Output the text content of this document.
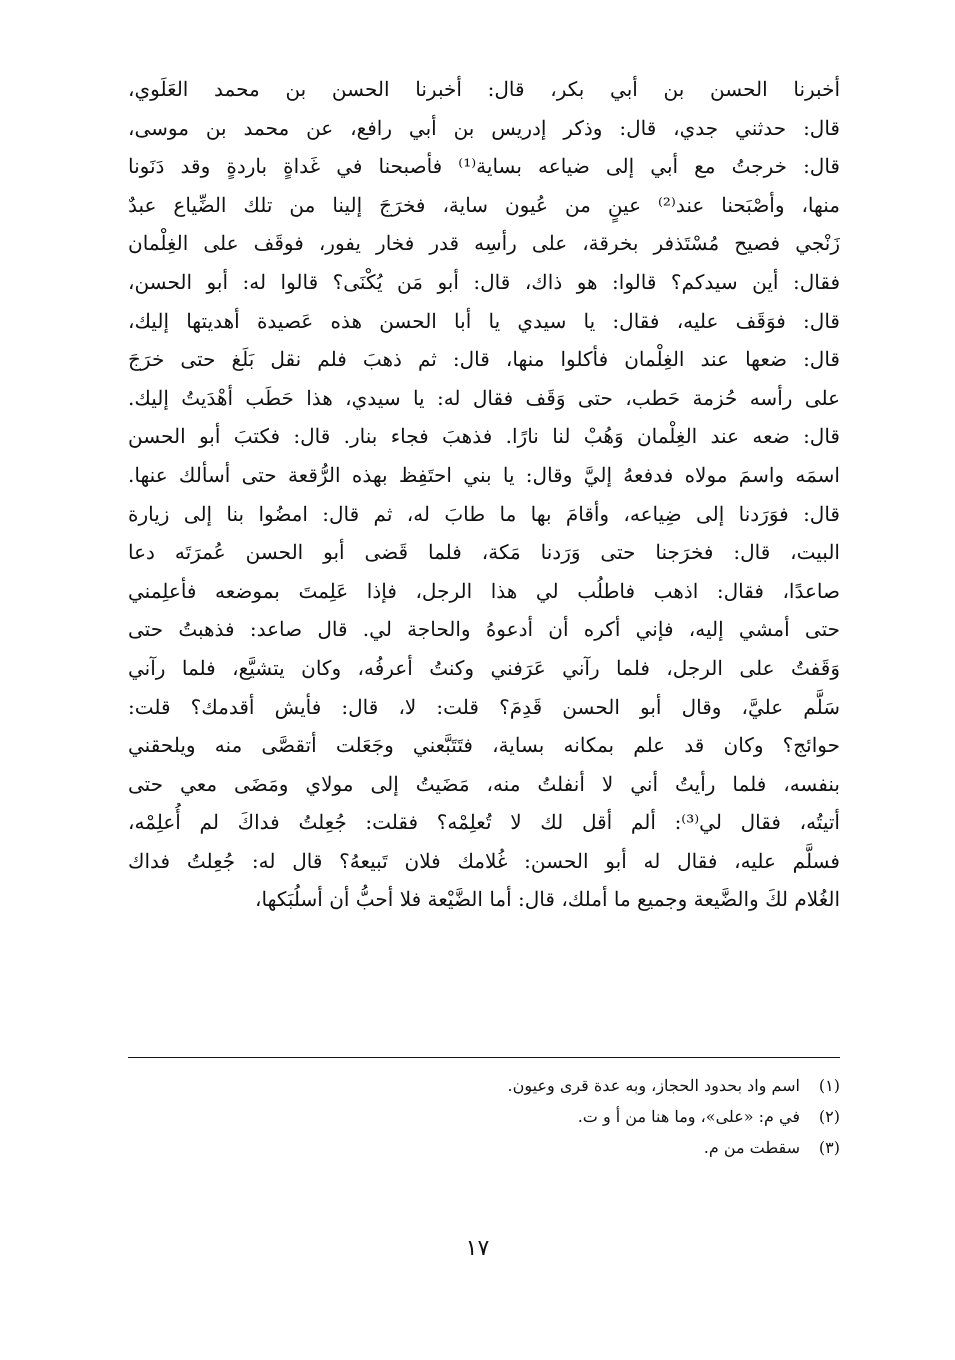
أخبرنا الحسن بن أبي بكر، قال: أخبرنا الحسن بن محمد العَلَوي،
قال: حدثني جدي، قال: وذكر إدريس بن أبي رافع، عن محمد بن موسى،
قال: خرجتُ مع أبي إلى ضياعه بساية⁽¹⁾ فأصبحنا في غَداةٍ باردةٍ وقد دَنَونا
منها، وأصْبَحنا عند⁽²⁾ عينٍ من عُيون ساية، فخرَجَ إلينا من تلك الضِّياع عبدٌ
زَنْجي فصيح مُسْتَذفر بخرقة، على رأسِه قدر فخار يفور، فوقَف على الغِلْمان
فقال: أين سيدكم؟ قالوا: هو ذاك، قال: أبو مَن يُكْنَى؟ قالوا له: أبو الحسن،
قال: فوَقَف عليه، فقال: يا سيدي يا أبا الحسن هذه عَصيدة أهديتها إليك،
قال: ضعها عند الغِلْمان فأكلوا منها، قال: ثم ذهبَ فلم نقل بَلَغ حتى خرَجَ
على رأسه حُزمة حَطب، حتى وَقَف فقال له: يا سيدي، هذا حَطَب أهْدَيتُ إليك.
قال: ضعه عند الغِلْمان وَهُبْ لنا نارًا. فذهبَ فجاء بنار. قال: فكتبَ أبو الحسن
اسمَه واسمَ مولاه فدفعهُ إليَّ وقال: يا بني احتَفِظ بهذه الرُّقعة حتى أسألك عنها.
قال: فوَرَدنا إلى ضِياعه، وأقامَ بها ما طابَ له، ثم قال: امضُوا بنا إلى زيارة
البيت، قال: فخرَجنا حتى وَرَدنا مَكة، فلما قَضى أبو الحسن عُمرَتَه دعا
صاعدًا، فقال: اذهب فاطلُب لي هذا الرجل، فإذا عَلِمتَ بموضعه فأعلِمني
حتى أمشي إليه، فإني أكره أن أدعوهُ والحاجة لي. قال صاعد: فذهبتُ حتى
وَقَفتُ على الرجل، فلما رآني عَرَفني وكنتُ أعرفُه، وكان يتشيَّع، فلما رآني
سَلَّم عليَّ، وقال أبو الحسن قَدِمَ؟ قلت: لا، قال: فأيش أقدمك؟ قلت:
حوائج؟ وكان قد علم بمكانه بساية، فتَتَبَّعني وجَعَلت أتقصَّى منه ويلحقني
بنفسه، فلما رأيتُ أني لا أنفلتُ منه، مَضَيتُ إلى مولاي ومَضَى معي حتى
أتيتُه، فقال لي⁽³⁾: ألم أقل لك لا تُعلِمْه؟ فقلت: جُعِلتُ فداكَ لم أُعلِمْه،
فسلَّم عليه، فقال له أبو الحسن: غُلامك فلان تَبيعهُ؟ قال له: جُعِلتُ فداك
الغُلام لكَ والضَّيعة وجميع ما أملك، قال: أما الضَّيْعة فلا أحبُّ أن أسلُبَكها،
(١)اسم واد بحدود الحجاز، وبه عدة قرى وعيون.
(٢)في م: «على»، وما هنا من أ و ت.
(٣)سقطت من م.
١٧
